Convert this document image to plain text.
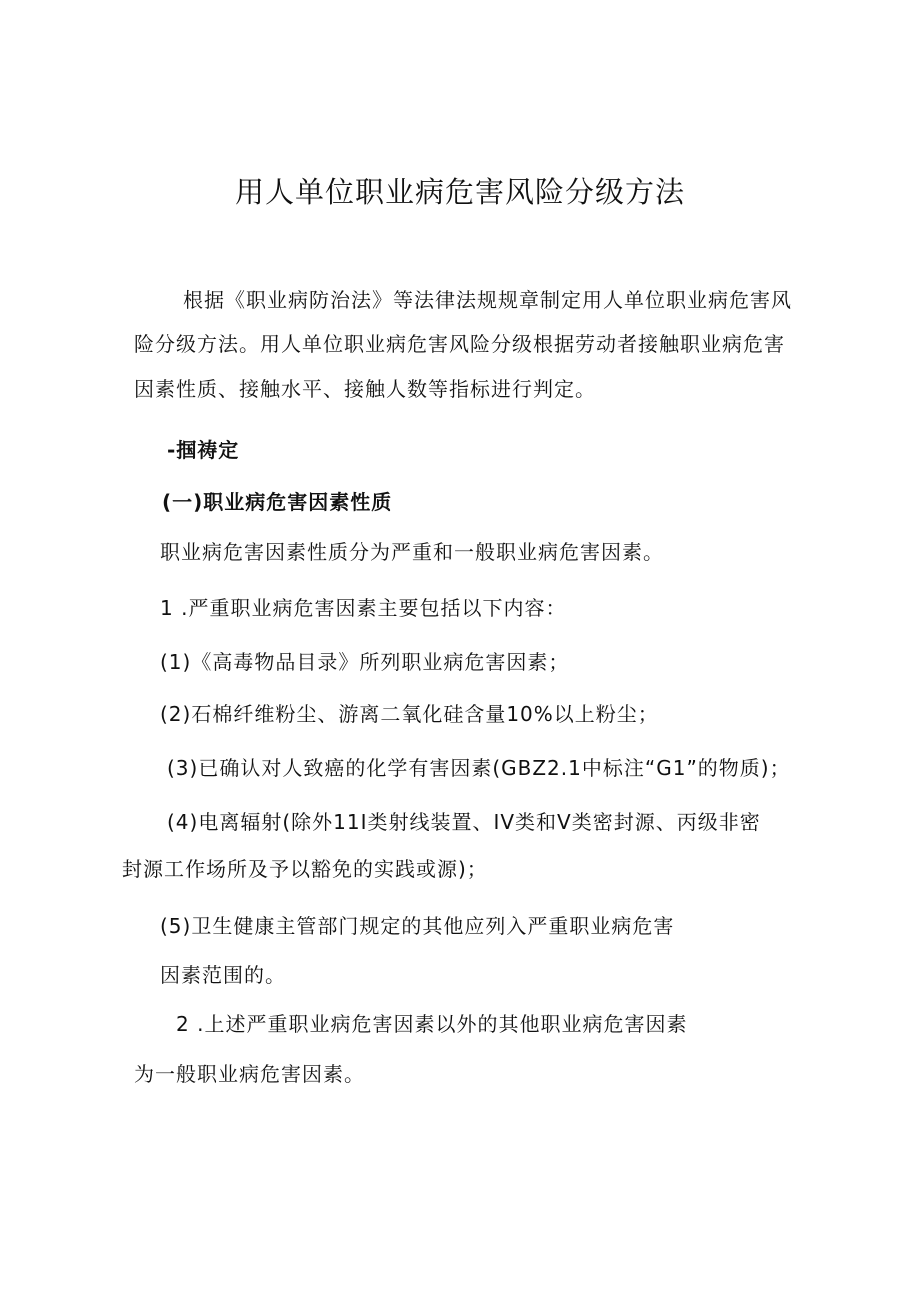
用人单位职业病危害风险分级方法
根据《职业病防治法》等法律法规规章制定用人单位职业病危害风
险分级方法。用人单位职业病危害风险分级根据劳动者接触职业病危害
因素性质、接触水平、接触人数等指标进行判定。
-掴祷定
(一)职业病危害因素性质
职业病危害因素性质分为严重和一般职业病危害因素。
1 .严重职业病危害因素主要包括以下内容：
(1)《高毒物品目录》所列职业病危害因素；
(2)石棉纤维粉尘、游离二氧化硅含量10%以上粉尘；
(3)已确认对人致癌的化学有害因素(GBZ2.1中标注“G1”的物质)；
(4)电离辐射(除外11I类射线装置、IV类和V类密封源、丙级非密
封源工作场所及予以豁免的实践或源)；
(5)卫生健康主管部门规定的其他应列入严重职业病危害
因素范围的。
2 .上述严重职业病危害因素以外的其他职业病危害因素
为一般职业病危害因素。
